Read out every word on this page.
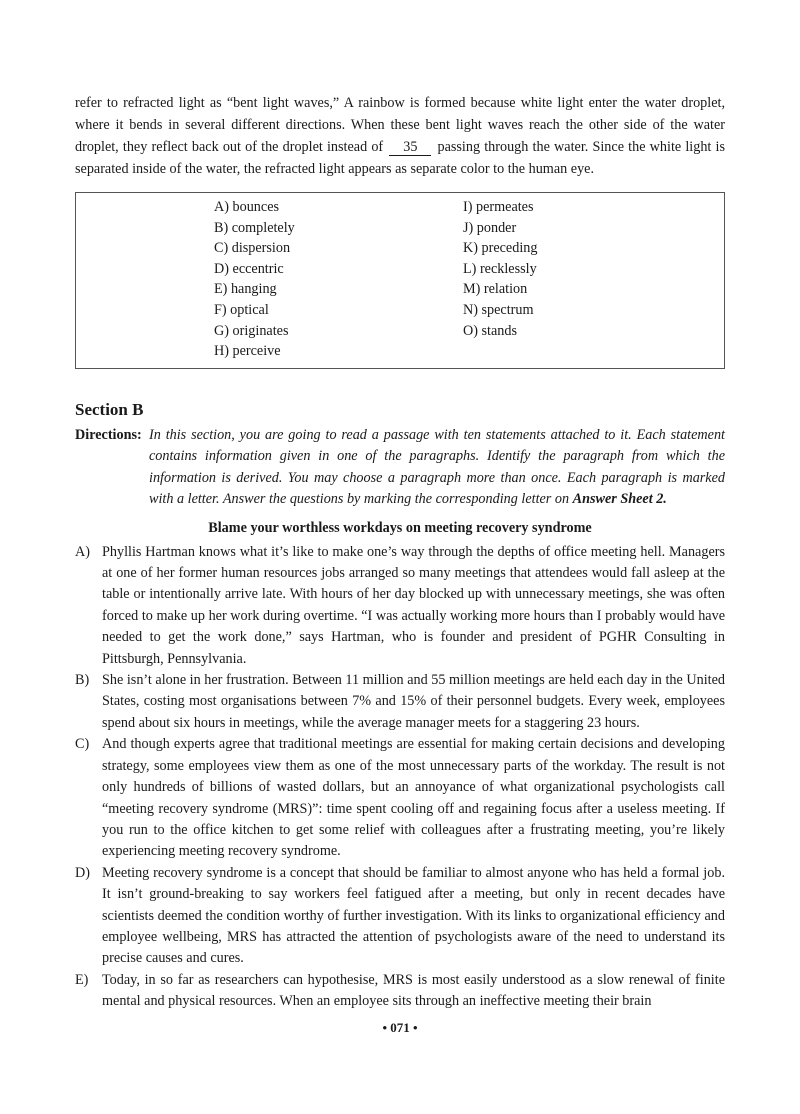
refer to refracted light as “bent light waves,” A rainbow is formed because white light enter the water droplet, where it bends in several different directions. When these bent light waves reach the other side of the water droplet, they reflect back out of the droplet instead of 35 passing through the water. Since the white light is separated inside of the water, the refracted light appears as separate color to the human eye.

A) bounces
B) completely
C) dispersion
D) eccentric
E) hanging
F) optical
G) originates
H) perceive
I) permeates
J) ponder
K) preceding
L) recklessly
M) relation
N) spectrum
O) stands
Section B
Directions: In this section, you are going to read a passage with ten statements attached to it. Each statement contains information given in one of the paragraphs. Identify the paragraph from which the information is derived. You may choose a paragraph more than once. Each paragraph is marked with a letter. Answer the questions by marking the corresponding letter on Answer Sheet 2.
Blame your worthless workdays on meeting recovery syndrome
A) Phyllis Hartman knows what it’s like to make one’s way through the depths of office meeting hell. Managers at one of her former human resources jobs arranged so many meetings that attendees would fall asleep at the table or intentionally arrive late. With hours of her day blocked up with unnecessary meetings, she was often forced to make up her work during overtime. “I was actually working more hours than I probably would have needed to get the work done,” says Hartman, who is founder and president of PGHR Consulting in Pittsburgh, Pennsylvania.
B) She isn’t alone in her frustration. Between 11 million and 55 million meetings are held each day in the United States, costing most organisations between 7% and 15% of their personnel budgets. Every week, employees spend about six hours in meetings, while the average manager meets for a staggering 23 hours.
C) And though experts agree that traditional meetings are essential for making certain decisions and developing strategy, some employees view them as one of the most unnecessary parts of the workday. The result is not only hundreds of billions of wasted dollars, but an annoyance of what organizational psychologists call “meeting recovery syndrome (MRS)”: time spent cooling off and regaining focus after a useless meeting. If you run to the office kitchen to get some relief with colleagues after a frustrating meeting, you’re likely experiencing meeting recovery syndrome.
D) Meeting recovery syndrome is a concept that should be familiar to almost anyone who has held a formal job. It isn’t ground-breaking to say workers feel fatigued after a meeting, but only in recent decades have scientists deemed the condition worthy of further investigation. With its links to organizational efficiency and employee wellbeing, MRS has attracted the attention of psychologists aware of the need to understand its precise causes and cures.
E) Today, in so far as researchers can hypothesise, MRS is most easily understood as a slow renewal of finite mental and physical resources. When an employee sits through an ineffective meeting their brain
• 071 •
